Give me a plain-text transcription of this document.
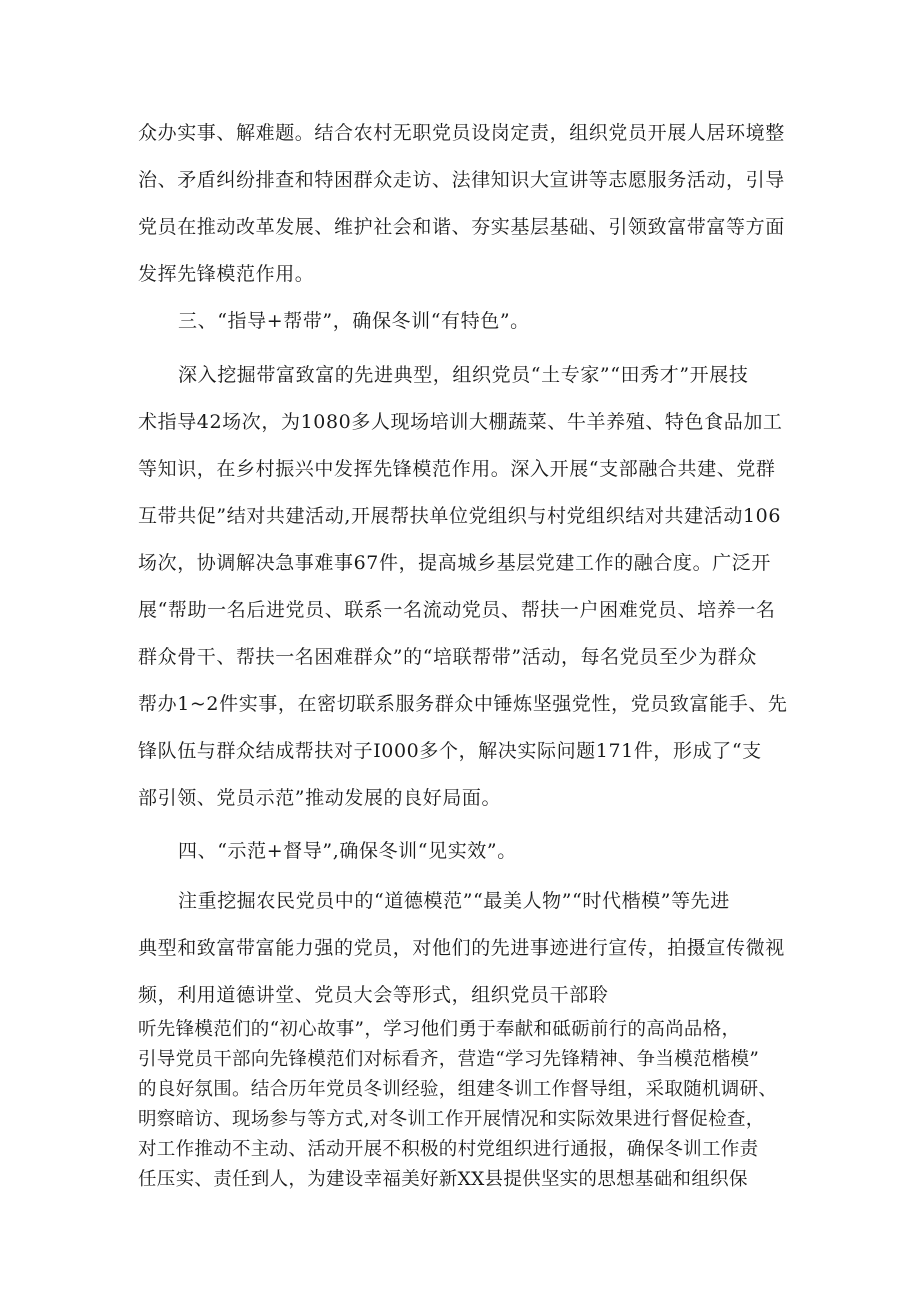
众办实事、解难题。结合农村无职党员设岗定责，组织党员开展人居环境整
治、矛盾纠纷排查和特困群众走访、法律知识大宣讲等志愿服务活动，引导
党员在推动改革发展、维护社会和谐、夯实基层基础、引领致富带富等方面
发挥先锋模范作用。
三、“指导+帮带”，确保冬训“有特色”。
深入挖掘带富致富的先进典型，组织党员“土专家”“田秀才”开展技
术指导42场次，为1080多人现场培训大棚蔬菜、牛羊养殖、特色食品加工
等知识，在乡村振兴中发挥先锋模范作用。深入开展“支部融合共建、党群
互带共促”结对共建活动,开展帮扶单位党组织与村党组织结对共建活动106
场次，协调解决急事难事67件，提高城乡基层党建工作的融合度。广泛开
展“帮助一名后进党员、联系一名流动党员、帮扶一户困难党员、培养一名
群众骨干、帮扶一名困难群众”的“培联帮带”活动，每名党员至少为群众
帮办1~2件实事，在密切联系服务群众中锤炼坚强党性，党员致富能手、先
锋队伍与群众结成帮扶对子I000多个，解决实际问题171件，形成了“支
部引领、党员示范”推动发展的良好局面。
四、“示范+督导”,确保冬训“见实效”。
注重挖掘农民党员中的“道德模范”“最美人物”“时代楷模”等先进
典型和致富带富能力强的党员，对他们的先进事迹进行宣传，拍摄宣传微视
频，利用道德讲堂、党员大会等形式，组织党员干部聆
听先锋模范们的“初心故事”，学习他们勇于奉献和砥砺前行的高尚品格，
引导党员干部向先锋模范们对标看齐，营造“学习先锋精神、争当模范楷模”
的良好氛围。结合历年党员冬训经验，组建冬训工作督导组，采取随机调研、
明察暗访、现场参与等方式,对冬训工作开展情况和实际效果进行督促检查，
对工作推动不主动、活动开展不积极的村党组织进行通报，确保冬训工作责
任压实、责任到人，为建设幸福美好新XX县提供坚实的思想基础和组织保
